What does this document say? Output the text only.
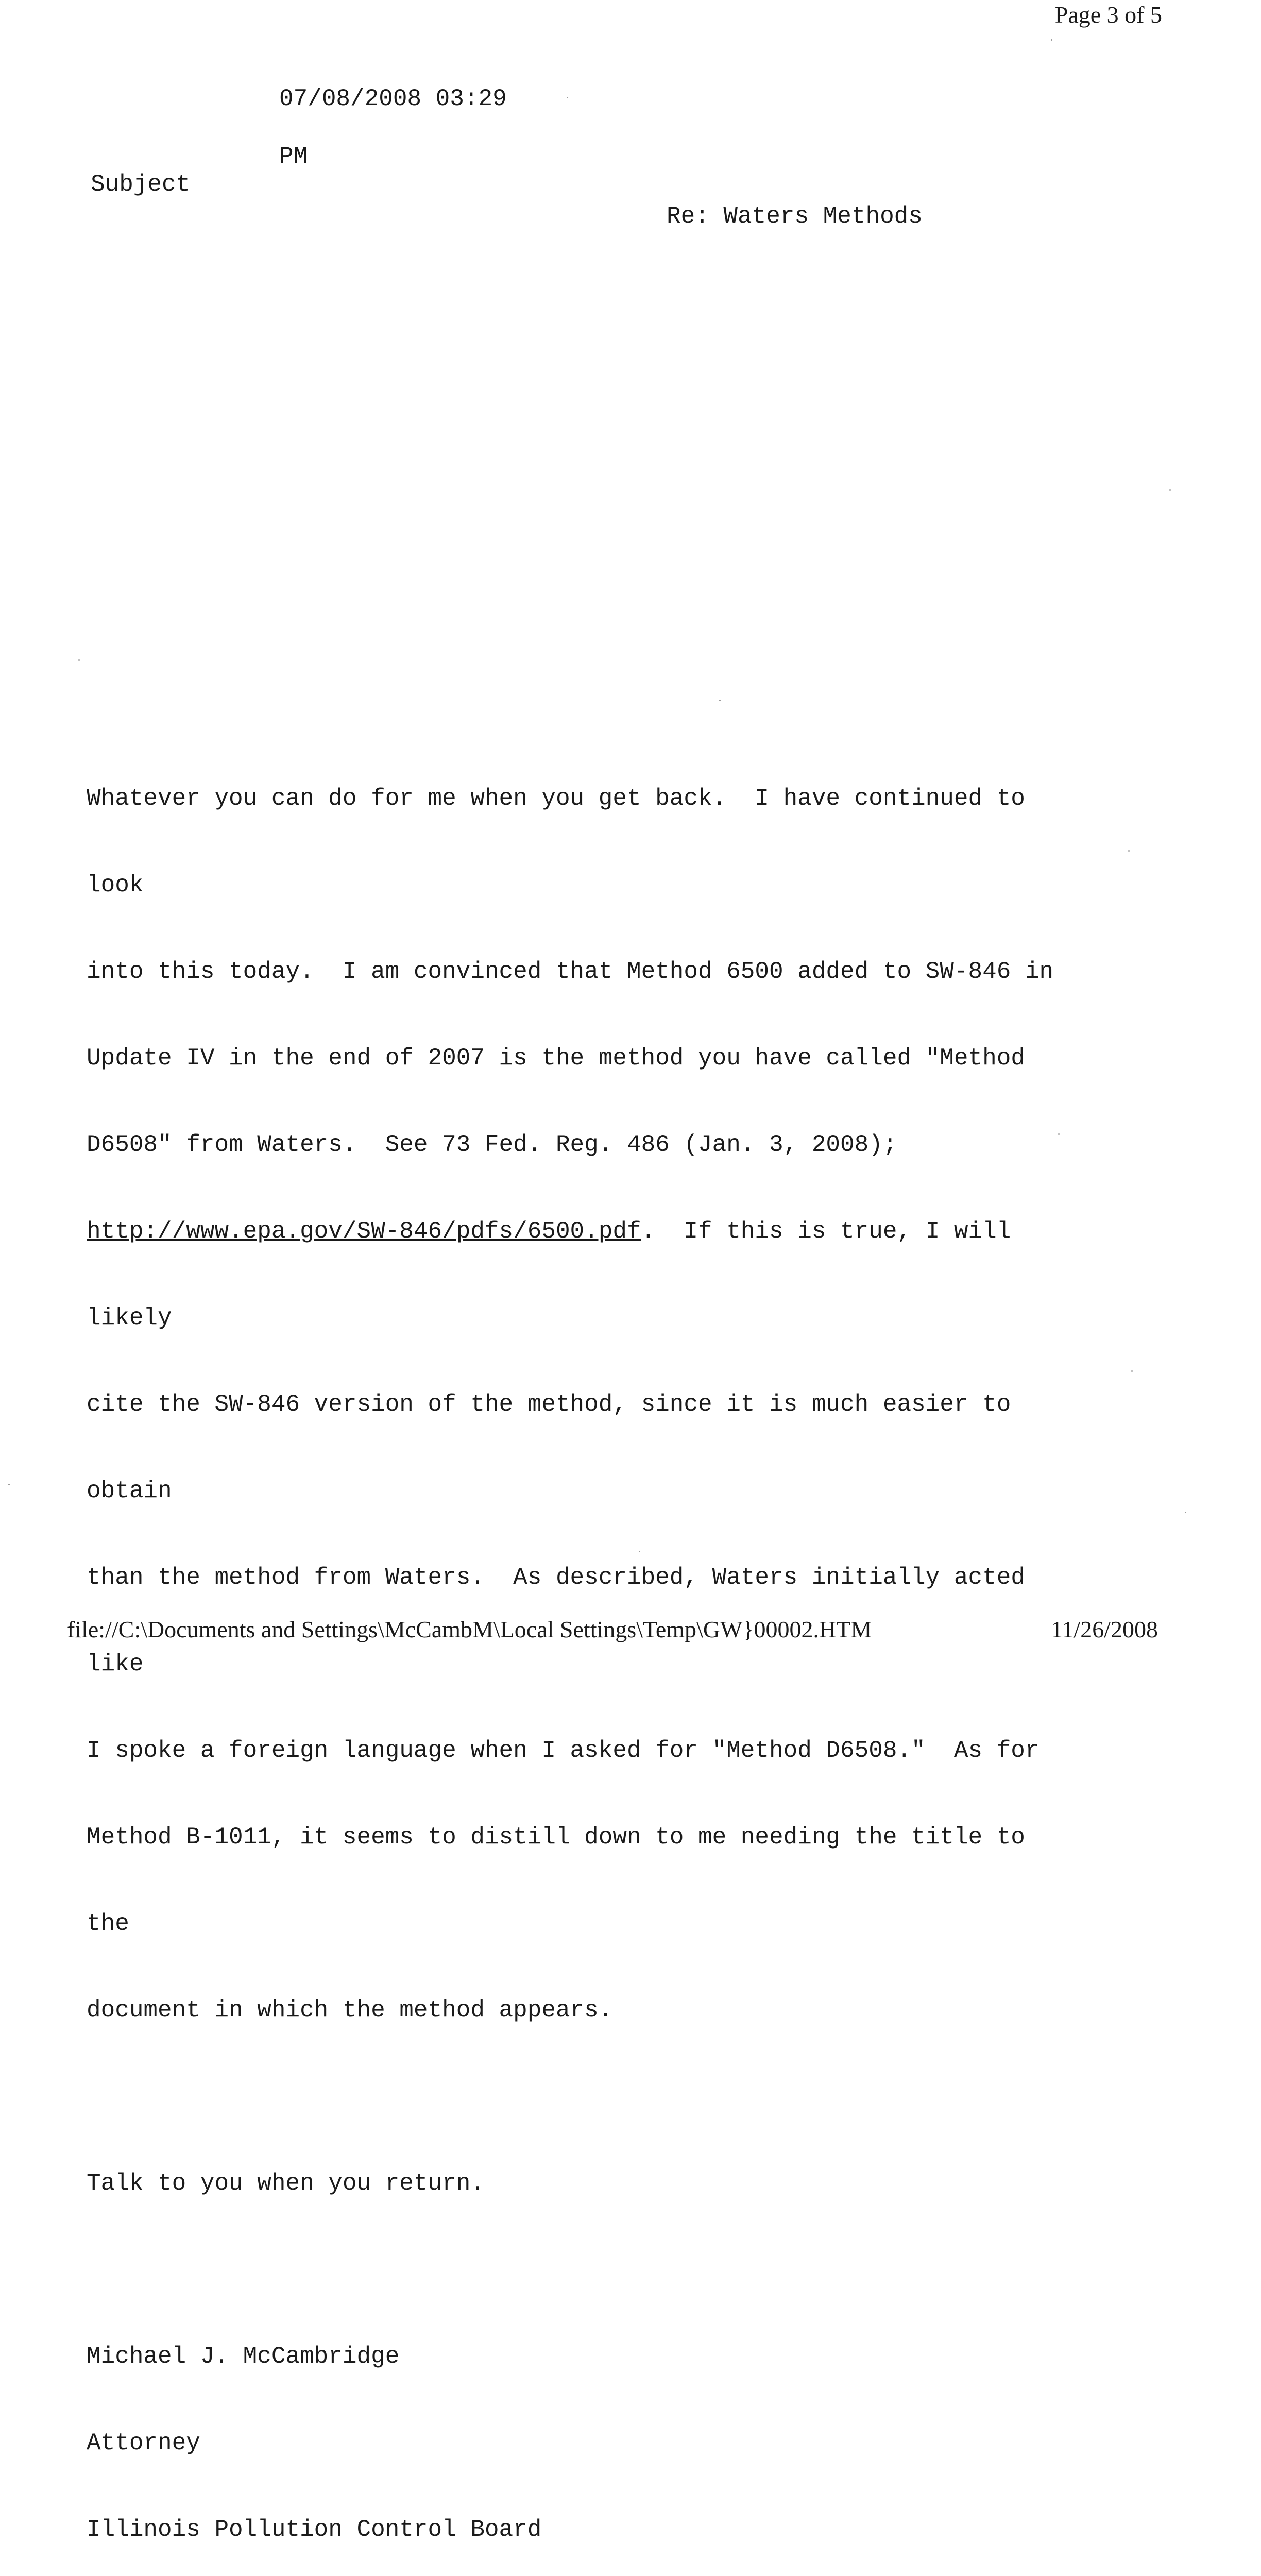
Page 3 of 5
07/08/2008 03:29
PM
Subject
Re: Waters Methods

Whatever you can do for me when you get back.  I have continued to

look

into this today.  I am convinced that Method 6500 added to SW-846 in

Update IV in the end of 2007 is the method you have called "Method

D6508" from Waters.  See 73 Fed. Reg. 486 (Jan. 3, 2008);

http://www.epa.gov/SW-846/pdfs/6500.pdf.  If this is true, I will

likely

cite the SW-846 version of the method, since it is much easier to

obtain

than the method from Waters.  As described, Waters initially acted

like

I spoke a foreign language when I asked for "Method D6508."  As for

Method B-1011, it seems to distill down to me needing the title to

the

document in which the method appears.

Talk to you when you return.

Michael J. McCambridge

Attorney

Illinois Pollution Control Board

file://C:\Documents and Settings\McCambM\Local Settings\Temp\GW}00002.HTM	11/26/2008
